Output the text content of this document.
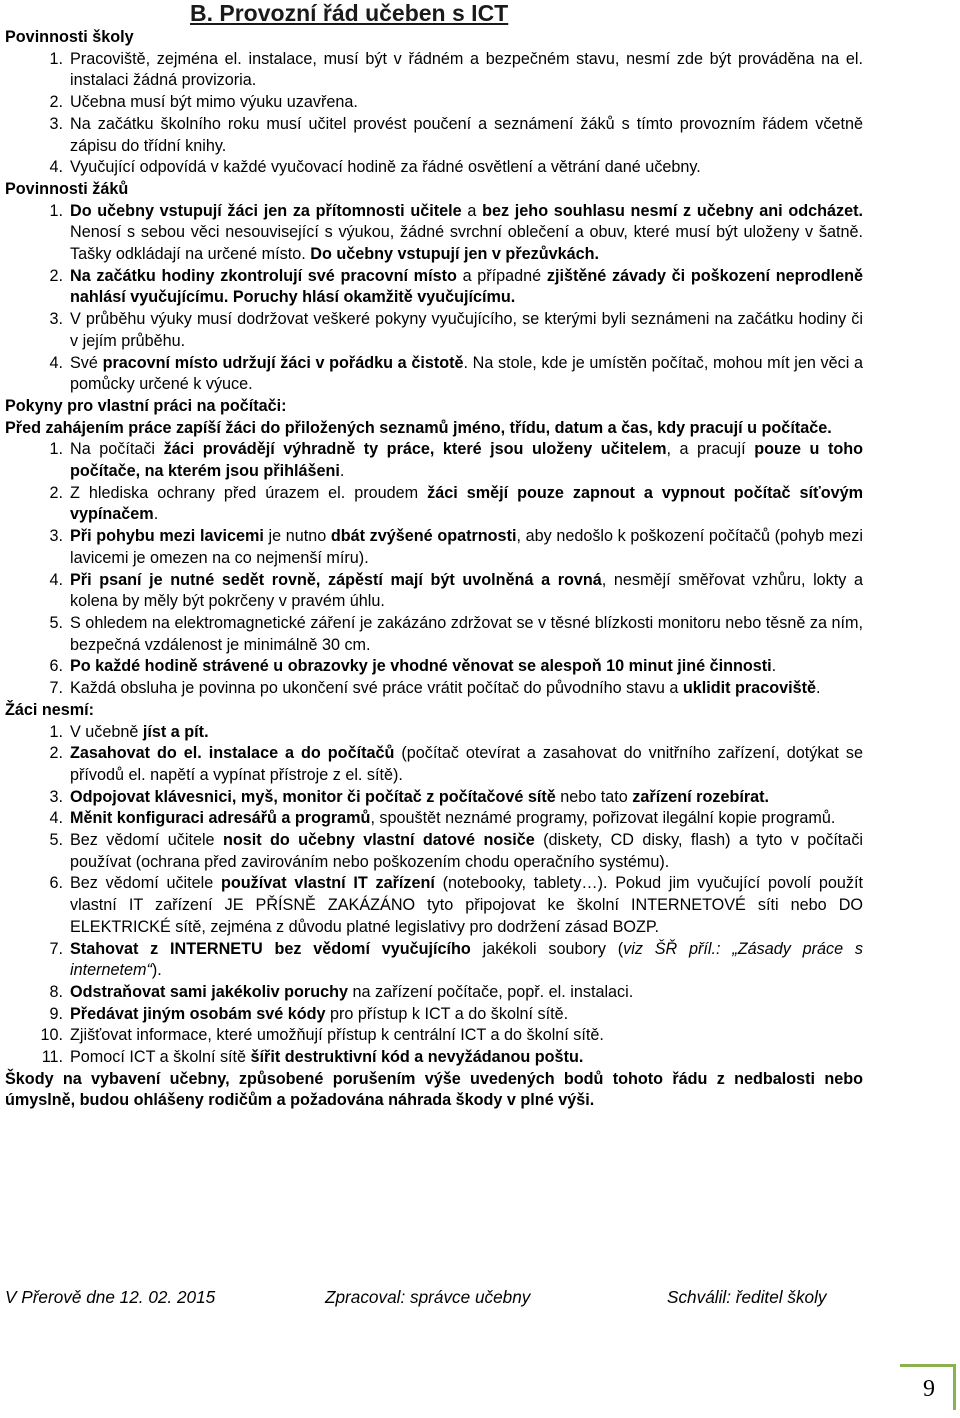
B. Provozní řád učeben s ICT
Povinnosti školy
1. Pracoviště, zejména el. instalace, musí být v řádném a bezpečném stavu, nesmí zde být prováděna na el. instalaci žádná provizoria.
2. Učebna musí být mimo výuku uzavřena.
3. Na začátku školního roku musí učitel provést poučení a seznámení žáků s tímto provozním řádem včetně zápisu do třídní knihy.
4. Vyučující odpovídá v každé vyučovací hodině za řádné osvětlení a větrání dané učebny.
Povinnosti žáků
1. Do učebny vstupují žáci jen za přítomnosti učitele a bez jeho souhlasu nesmí z učebny ani odcházet. Nenosí s sebou věci nesouvisející s výukou, žádné svrchní oblečení a obuv, které musí být uloženy v šatně. Tašky odkládají na určené místo. Do učebny vstupují jen v přezůvkách.
2. Na začátku hodiny zkontrolují své pracovní místo a případné zjištěné závady či poškození neprodleně nahlásí vyučujícímu. Poruchy hlásí okamžitě vyučujícímu.
3. V průběhu výuky musí dodržovat veškeré pokyny vyučujícího, se kterými byli seznámeni na začátku hodiny či v jejím průběhu.
4. Své pracovní místo udržují žáci v pořádku a čistotě. Na stole, kde je umístěn počítač, mohou mít jen věci a pomůcky určené k výuce.
Pokyny pro vlastní práci na počítači:
Před zahájením práce zapíší žáci do přiložených seznamů jméno, třídu, datum a čas, kdy pracují u počítače.
1. Na počítači žáci provádějí výhradně ty práce, které jsou uloženy učitelem, a pracují pouze u toho počítače, na kterém jsou přihlášeni.
2. Z hlediska ochrany před úrazem el. proudem žáci smějí pouze zapnout a vypnout počítač síťovým vypínačem.
3. Při pohybu mezi lavicemi je nutno dbát zvýšené opatrnosti, aby nedošlo k poškození počítačů (pohyb mezi lavicemi je omezen na co nejmenší míru).
4. Při psaní je nutné sedět rovně, zápěstí mají být uvolněná a rovná, nesmějí směřovat vzhůru, lokty a kolena by měly být pokrčeny v pravém úhlu.
5. S ohledem na elektromagnetické záření je zakázáno zdržovat se v těsné blízkosti monitoru nebo těsně za ním, bezpečná vzdálenost je minimálně 30 cm.
6. Po každé hodině strávené u obrazovky je vhodné věnovat se alespoň 10 minut jiné činnosti.
7. Každá obsluha je povinna po ukončení své práce vrátit počítač do původního stavu a uklidit pracoviště.
Žáci nesmí:
1. V učebně jíst a pít.
2. Zasahovat do el. instalace a do počítačů (počítač otevírat a zasahovat do vnitřního zařízení, dotýkat se přívodů el. napětí a vypínat přístroje z el. sítě).
3. Odpojovat klávesnici, myš, monitor či počítač z počítačové sítě nebo tato zařízení rozebírat.
4. Měnit konfiguraci adresářů a programů, spouštět neznámé programy, pořizovat ilegální kopie programů.
5. Bez vědomí učitele nosit do učebny vlastní datové nosiče (diskety, CD disky, flash) a tyto v počítači používat (ochrana před zavirováním nebo poškozením chodu operačního systému).
6. Bez vědomí učitele používat vlastní IT zařízení (notebooky, tablety…). Pokud jim vyučující povolí použít vlastní IT zařízení JE PŘÍSNĚ ZAKÁZÁNO tyto připojovat ke školní INTERNETOVÉ síti nebo DO ELEKTRICKÉ sítě, zejména z důvodu platné legislativy pro dodržení zásad BOZP.
7. Stahovat z INTERNETU bez vědomí vyučujícího jakékoli soubory (viz ŠŘ příl.: „Zásady práce s internetem“).
8. Odstraňovat sami jakékoliv poruchy na zařízení počítače, popř. el. instalaci.
9. Předávat jiným osobám své kódy pro přístup k ICT a do školní sítě.
10. Zjišťovat informace, které umožňují přístup k centrální ICT a do školní sítě.
11. Pomocí ICT a školní sítě šířit destruktivní kód a nevyžádanou poštu.
Škody na vybavení učebny, způsobené porušením výše uvedených bodů tohoto řádu z nedbalosti nebo úmyslně, budou ohlášeny rodičům a požadována náhrada škody v plné výši.
V Přerově dne 12. 02. 2015	Zpracoval: správce učebny	Schválil: ředitel školy
9
